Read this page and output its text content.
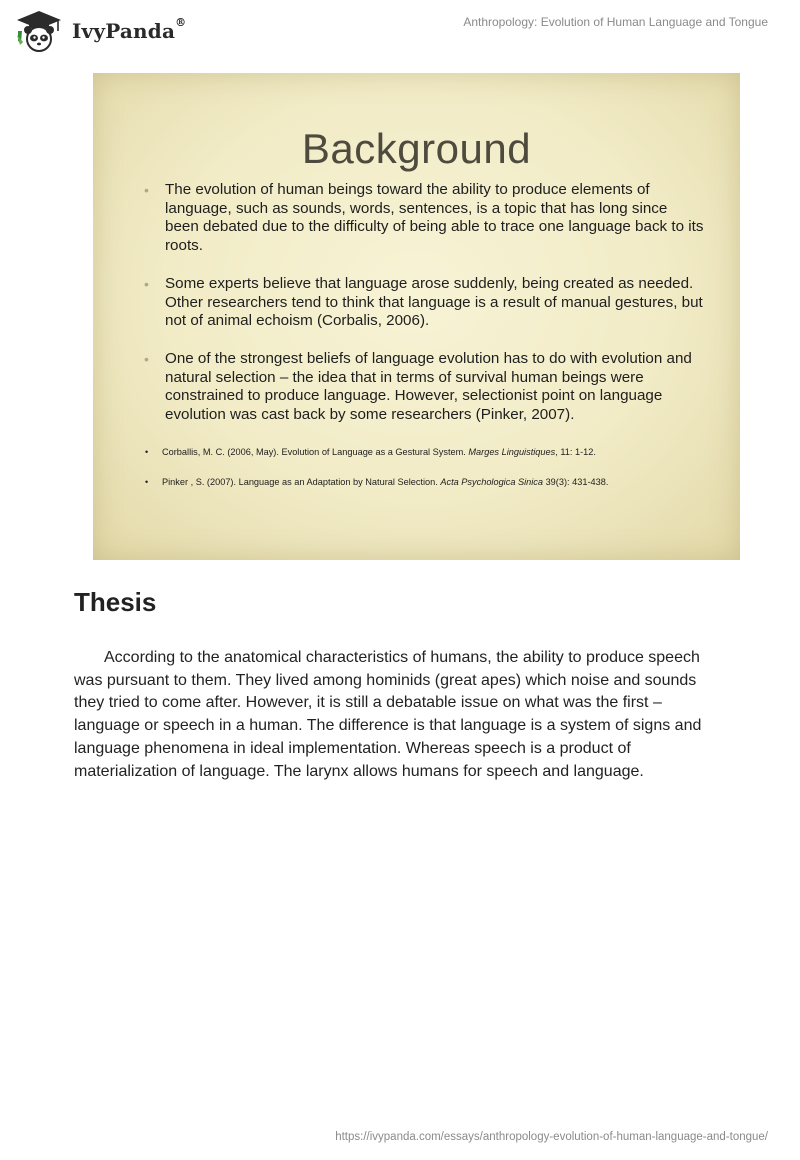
IvyPanda®	Anthropology: Evolution of Human Language and Tongue
Background
• The evolution of human beings toward the ability to produce elements of language, such as sounds, words, sentences, is a topic that has long since been debated due to the difficulty of being able to trace one language back to its roots.
• Some experts believe that language arose suddenly, being created as needed. Other researchers tend to think that language is a result of manual gestures, but not of animal echoism (Corbalis, 2006).
• One of the strongest beliefs of language evolution has to do with evolution and natural selection – the idea that in terms of survival human beings were constrained to produce language. However, selectionist point on language evolution was cast back by some researchers (Pinker, 2007).
• Corballis, M. C. (2006, May). Evolution of Language as a Gestural System. Marges Linguistiques, 11: 1-12.
• Pinker , S. (2007). Language as an Adaptation by Natural Selection. Acta Psychologica Sinica 39(3): 431-438.
Thesis

According to the anatomical characteristics of humans, the ability to produce speech was pursuant to them. They lived among hominids (great apes) which noise and sounds they tried to come after. However, it is still a debatable issue on what was the first – language or speech in a human. The difference is that language is a system of signs and language phenomena in ideal implementation. Whereas speech is a product of materialization of language. The larynx allows humans for speech and language.

https://ivypanda.com/essays/anthropology-evolution-of-human-language-and-tongue/
